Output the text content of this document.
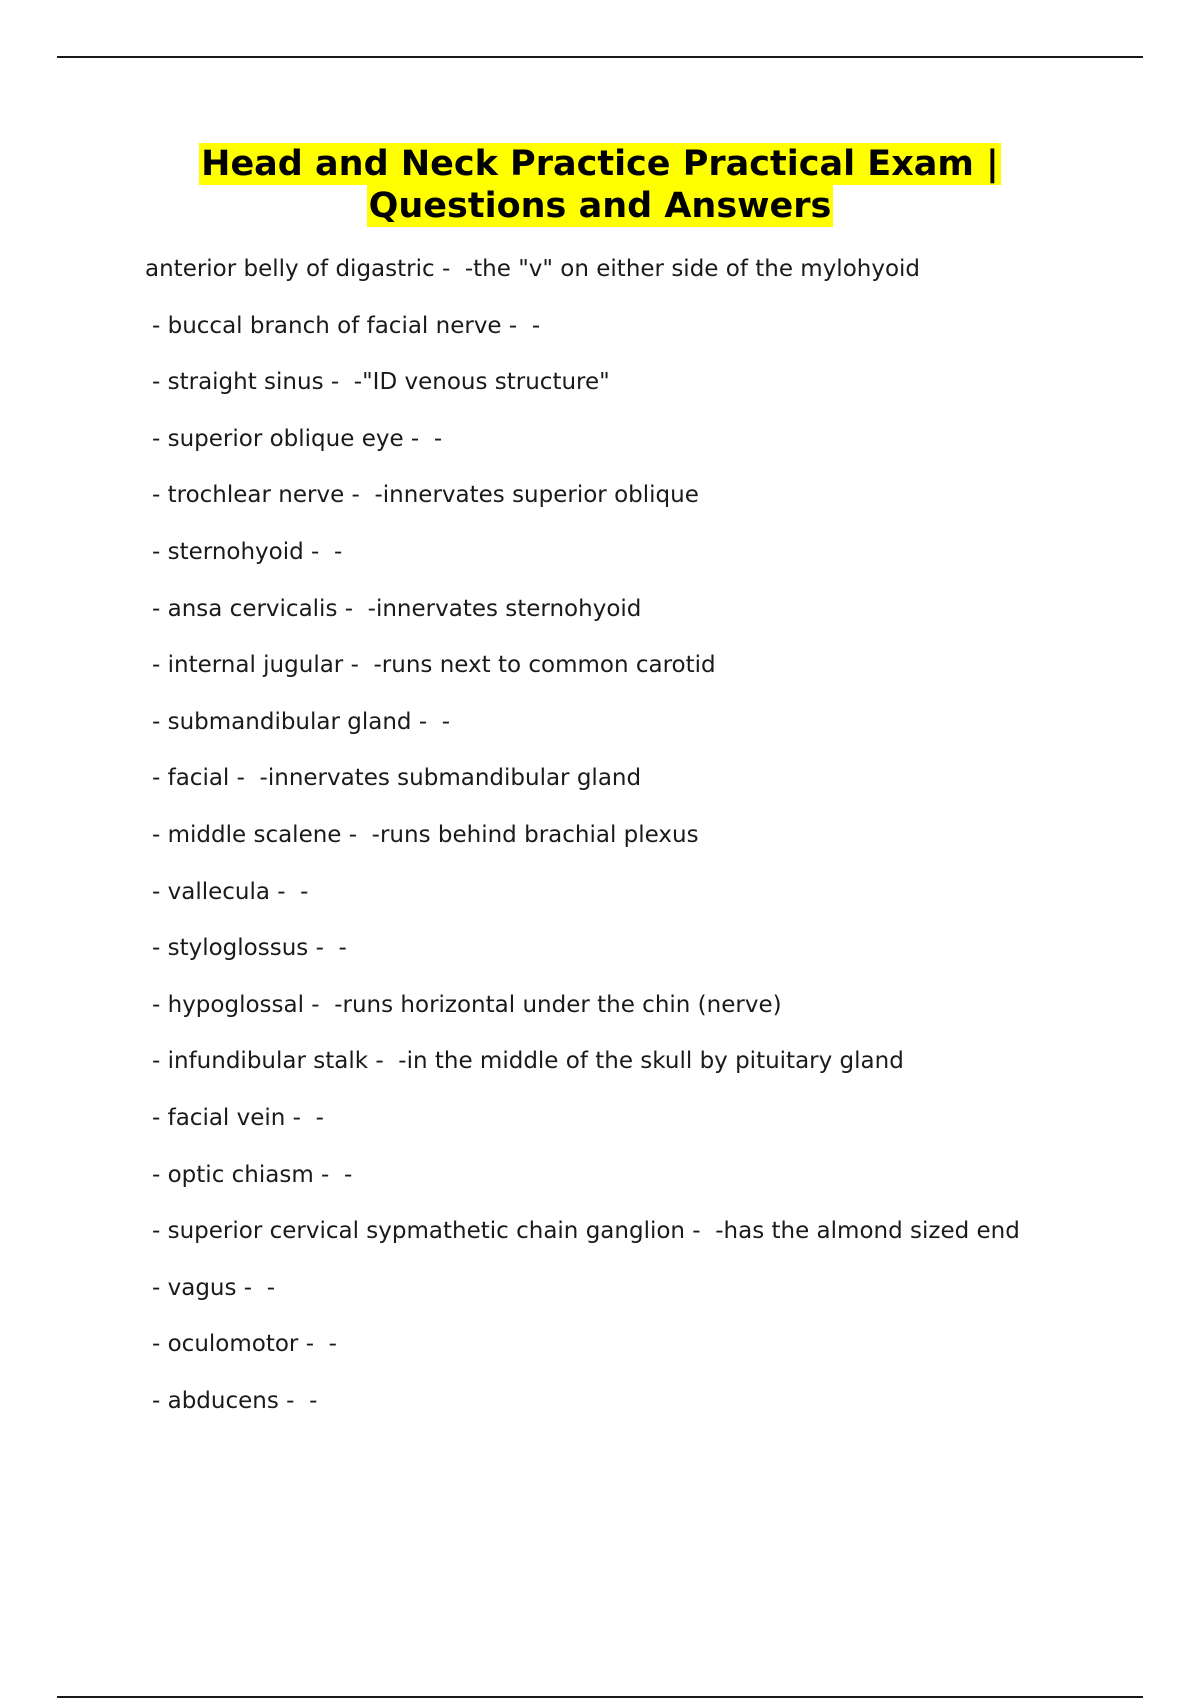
Head and Neck Practice Practical Exam |
Questions and Answers
anterior belly of digastric -  -the "v" on either side of the mylohyoid
- buccal branch of facial nerve -  -
- straight sinus -  -"ID venous structure"
- superior oblique eye -  -
- trochlear nerve -  -innervates superior oblique
- sternohyoid -  -
- ansa cervicalis -  -innervates sternohyoid
- internal jugular -  -runs next to common carotid
- submandibular gland -  -
- facial -  -innervates submandibular gland
- middle scalene -  -runs behind brachial plexus
- vallecula -  -
- styloglossus -  -
- hypoglossal -  -runs horizontal under the chin (nerve)
- infundibular stalk -  -in the middle of the skull by pituitary gland
- facial vein -  -
- optic chiasm -  -
- superior cervical sypmathetic chain ganglion -  -has the almond sized end
- vagus -  -
- oculomotor -  -
- abducens -  -
